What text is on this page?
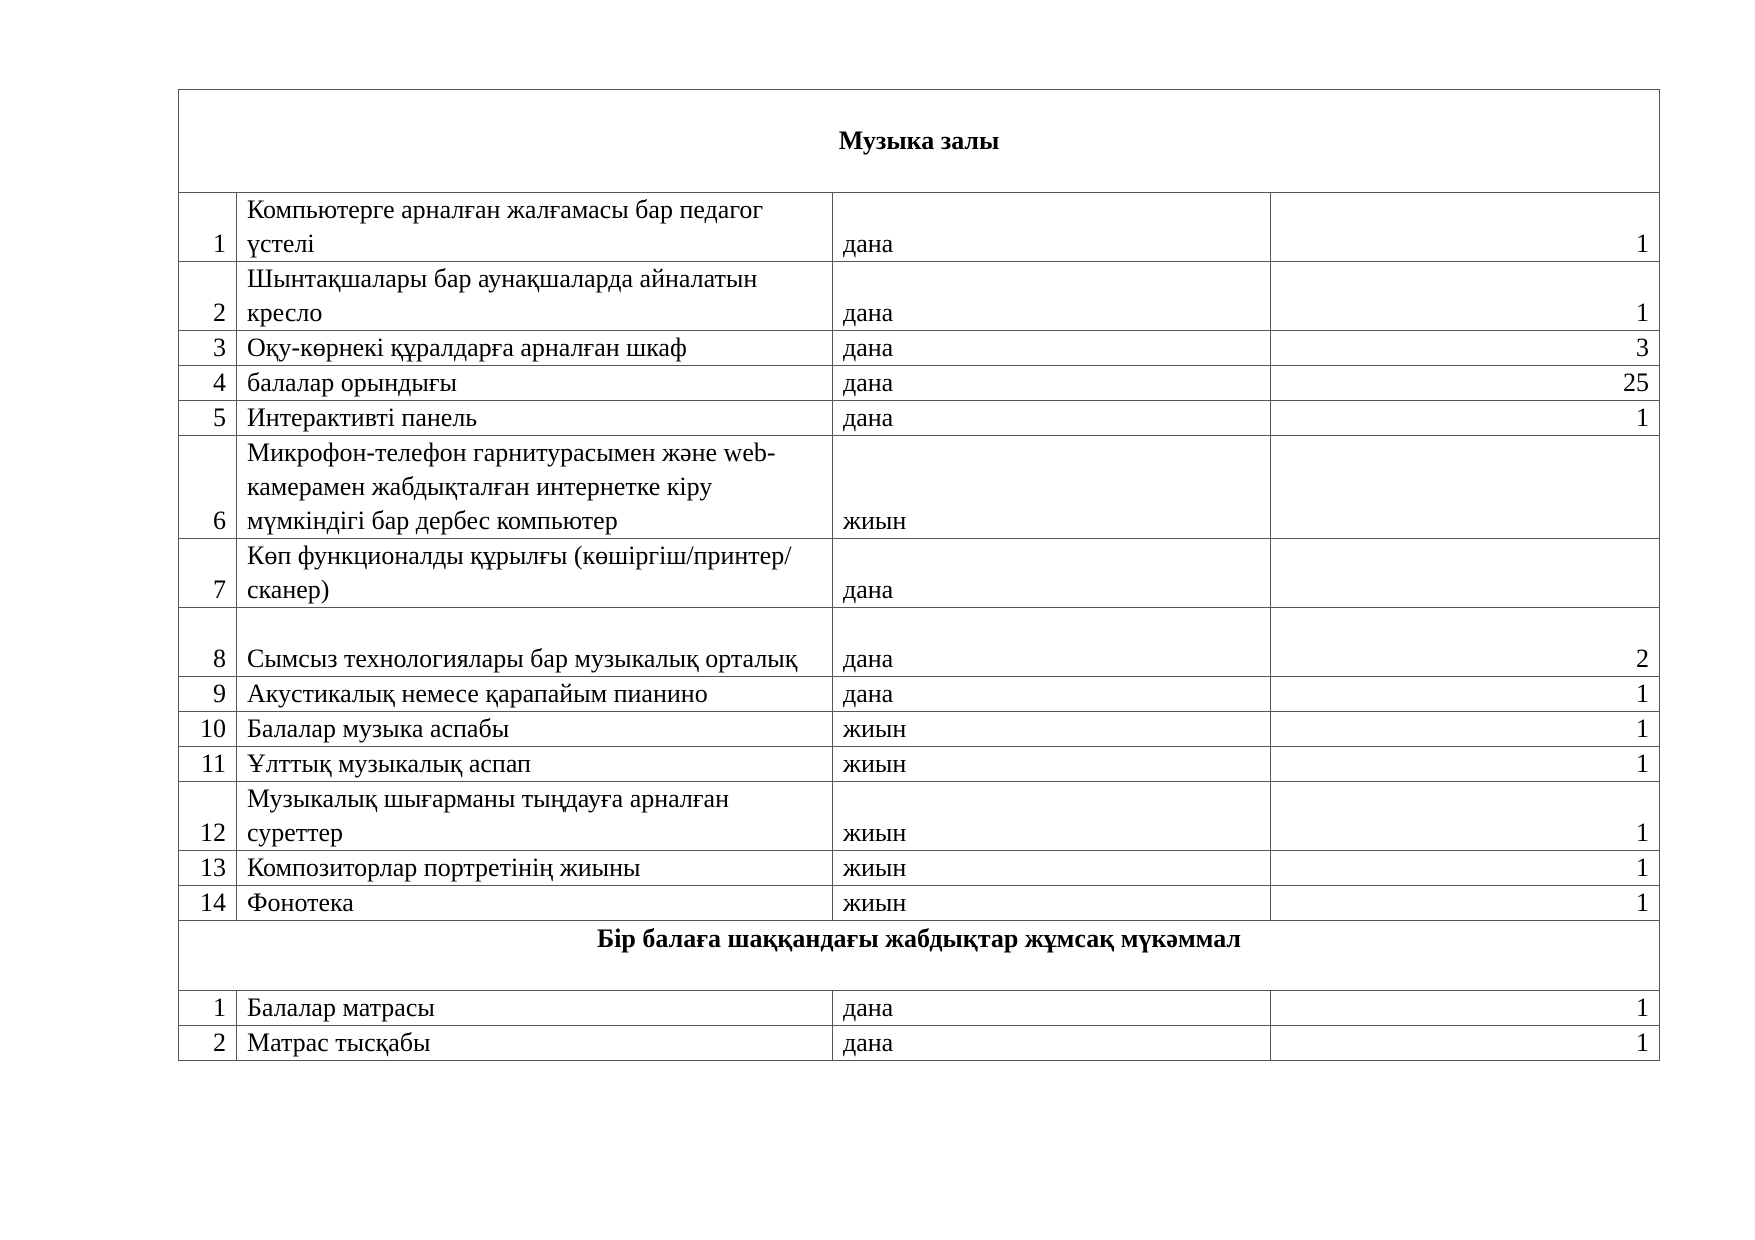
Музыка залы			
1	Компьютерге арналған жалғамасы бар педагог үстелі	дана	1
2	Шынтақшалары бар аунақшаларда айналатын кресло	дана	1
3	Оқу-көрнекі құралдарға арналған шкаф	дана	3
4	балалар орындығы	дана	25
5	Интерактивті панель	дана	1
6	Микрофон-телефон гарнитурасымен және web-камерамен жабдықталған интернетке кіру мүмкіндігі бар дербес компьютер	жиын	
7	Көп функционалды құрылғы (көшіргіш/принтер/сканер)	дана	
8	Сымсыз технологиялары бар музыкалық орталық	дана	2
9	Акустикалық немесе қарапайым пианино	дана	1
10	Балалар музыка аспабы	жиын	1
11	Ұлттық музыкалық аспап	жиын	1
12	Музыкалық шығарманы тыңдауға арналған суреттер	жиын	1
13	Композиторлар портретінің жиыны	жиын	1
14	Фонотека	жиын	1
Бір балаға шаққандағы жабдықтар жұмсақ мүкәммал			
1	Балалар матрасы	дана	1
2	Матрас тысқабы	дана	1
